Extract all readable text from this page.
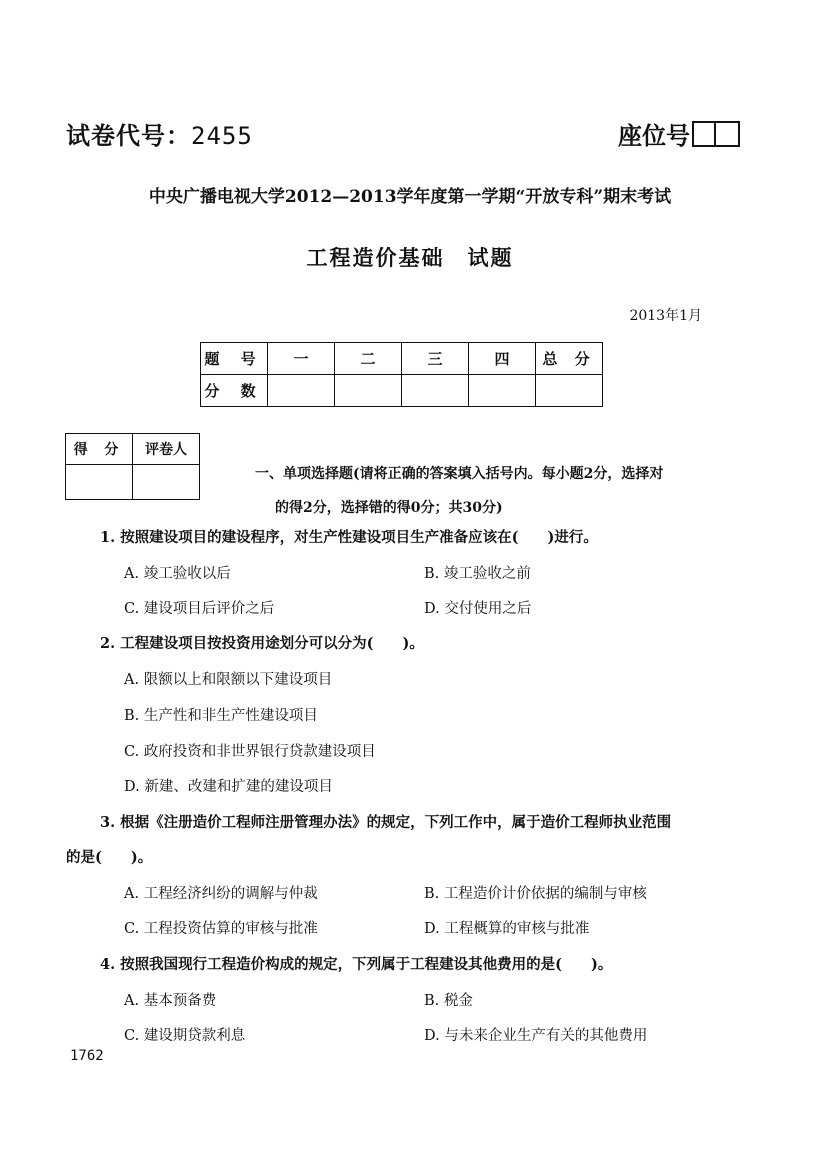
试卷代号：2455	座位号
中央广播电视大学2012—2013学年度第一学期“开放专科”期末考试
工程造价基础　试题
2013年1月
题 号	一	二	三	四	总 分
分 数					
得 分	评卷人

一、单项选择题(请将正确的答案填入括号内。每小题2分，选择对
的得2分，选择错的得0分；共30分)
1. 按照建设项目的建设程序，对生产性建设项目生产准备应该在(　　)进行。
A. 竣工验收以后	B. 竣工验收之前
C. 建设项目后评价之后	D. 交付使用之后
2. 工程建设项目按投资用途划分可以分为(　　)。
A. 限额以上和限额以下建设项目
B. 生产性和非生产性建设项目
C. 政府投资和非世界银行贷款建设项目
D. 新建、改建和扩建的建设项目
3. 根据《注册造价工程师注册管理办法》的规定，下列工作中，属于造价工程师执业范围
的是(　　)。
A. 工程经济纠纷的调解与仲裁	B. 工程造价计价依据的编制与审核
C. 工程投资估算的审核与批准	D. 工程概算的审核与批准
4. 按照我国现行工程造价构成的规定，下列属于工程建设其他费用的是(　　)。
A. 基本预备费	B. 税金
C. 建设期贷款利息	D. 与未来企业生产有关的其他费用
1762
